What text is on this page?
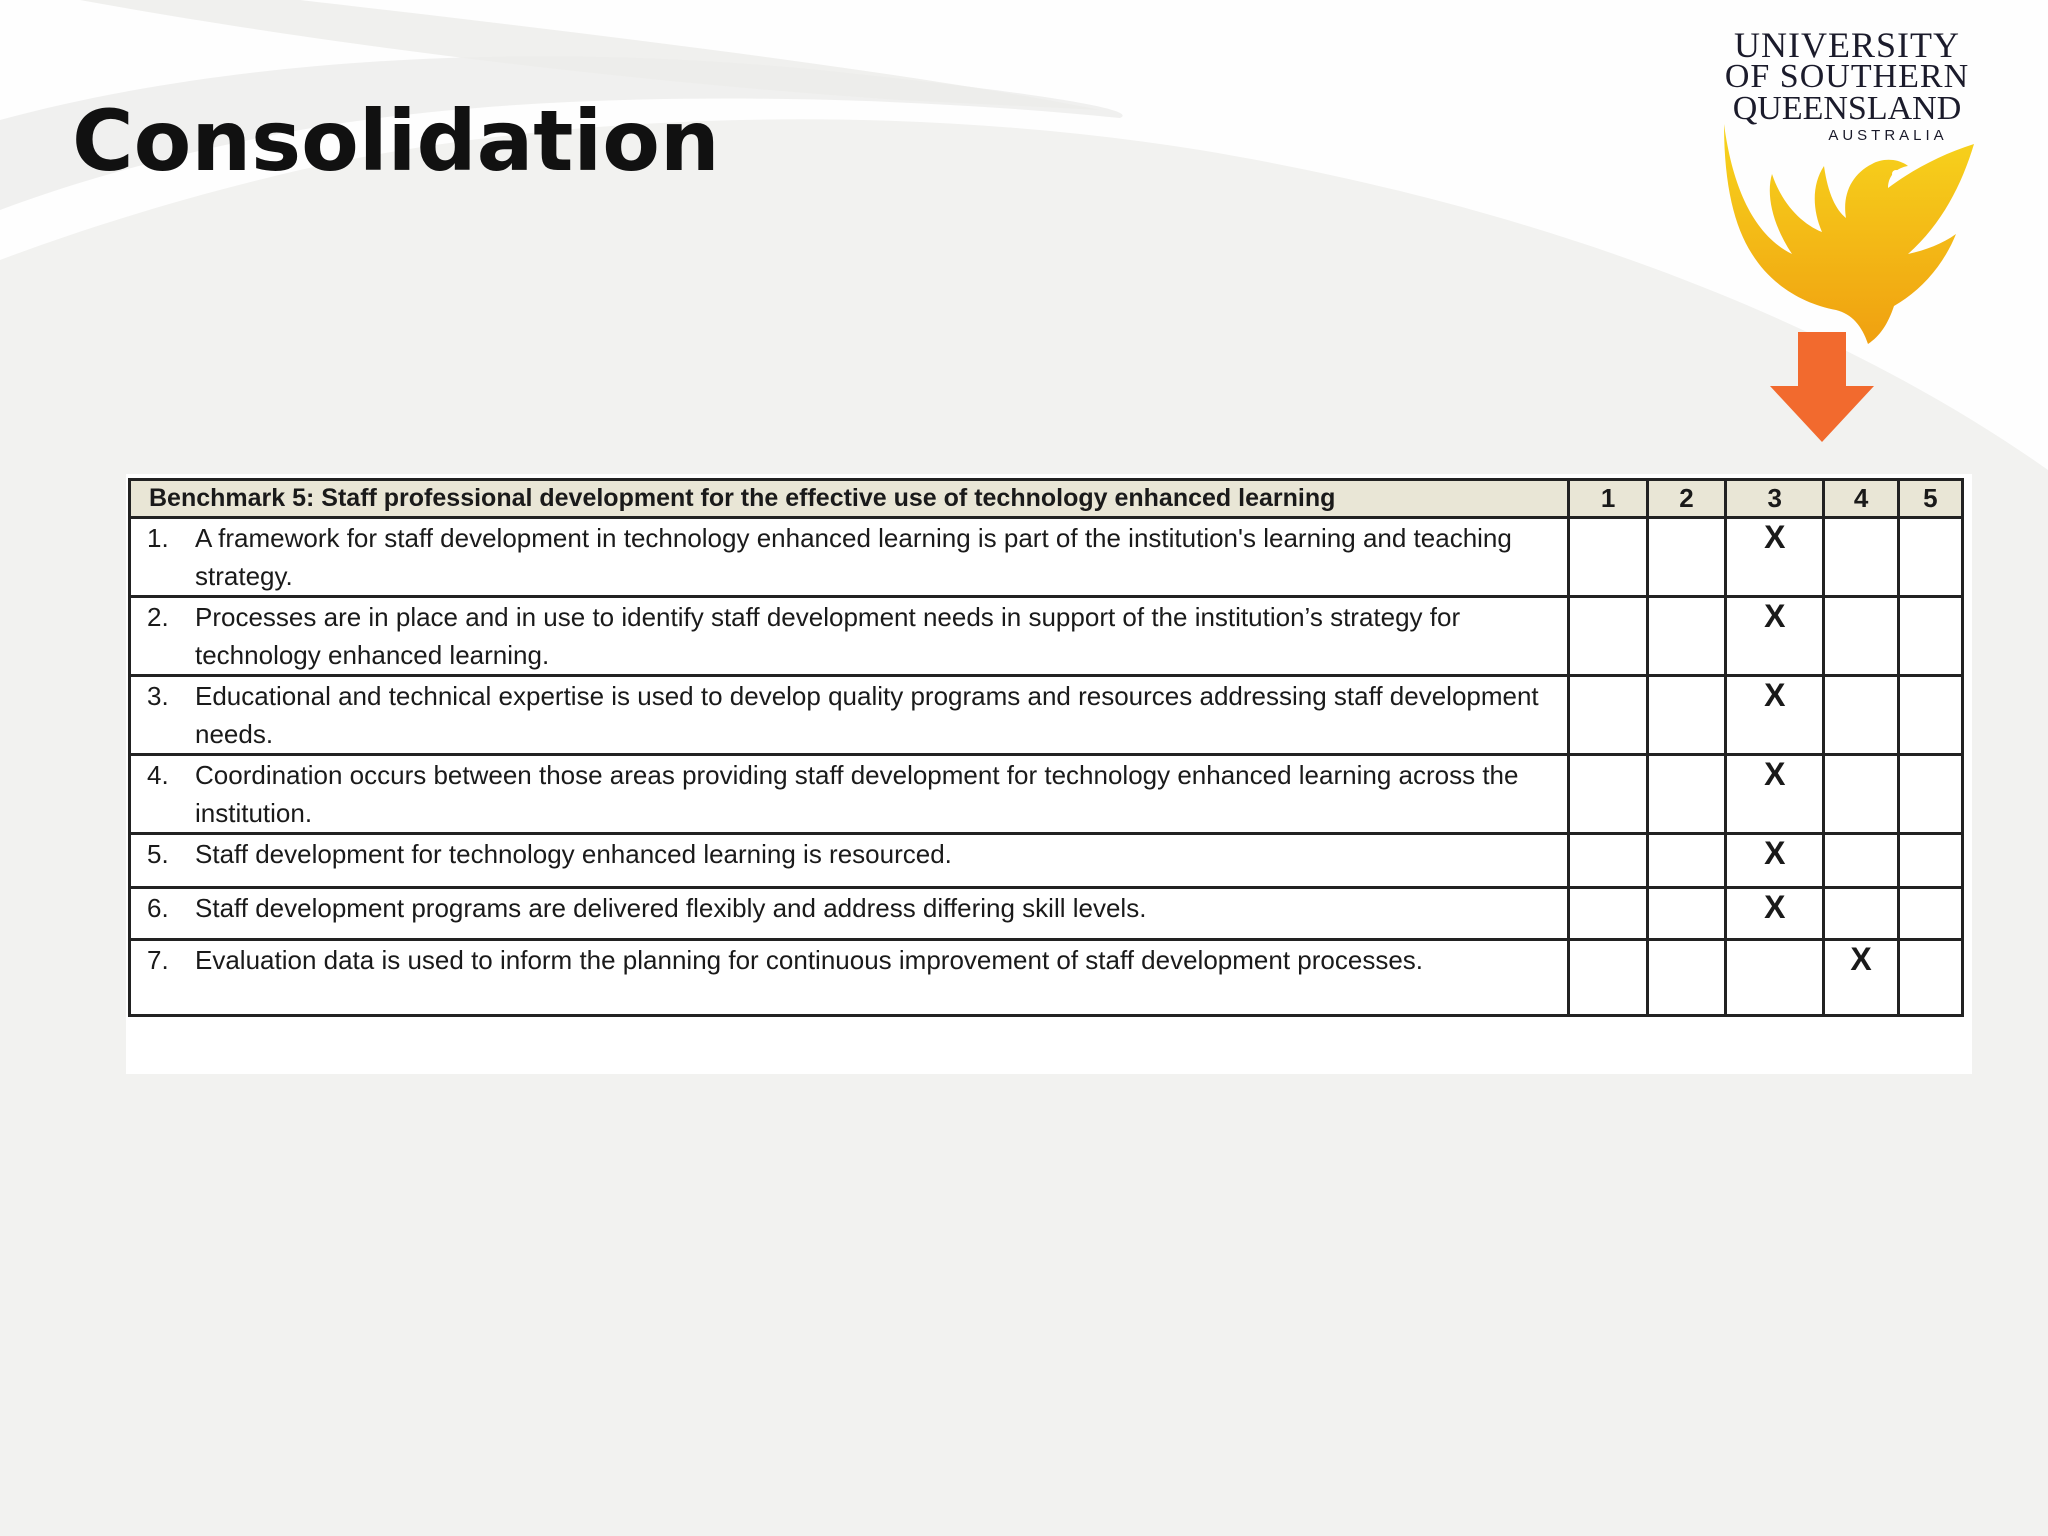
Consolidation
UNIVERSITY
OF SOUTHERN
QUEENSLAND
AUSTRALIA
Benchmark 5: Staff professional development for the effective use of technology enhanced learning	1	2	3	4	5

1. A framework for staff development in technology enhanced learning is part of the institution's learning and teaching strategy.			X		

2. Processes are in place and in use to identify staff development needs in support of the institution’s strategy for technology enhanced learning.			X		

3. Educational and technical expertise is used to develop quality programs and resources addressing staff development needs.			X		

4. Coordination occurs between those areas providing staff development for technology enhanced learning across the institution.			X		

5. Staff development for technology enhanced learning is resourced.			X		

6. Staff development programs are delivered flexibly and address differing skill levels.			X		

7. Evaluation data is used to inform the planning for continuous improvement of staff development processes.				X	
